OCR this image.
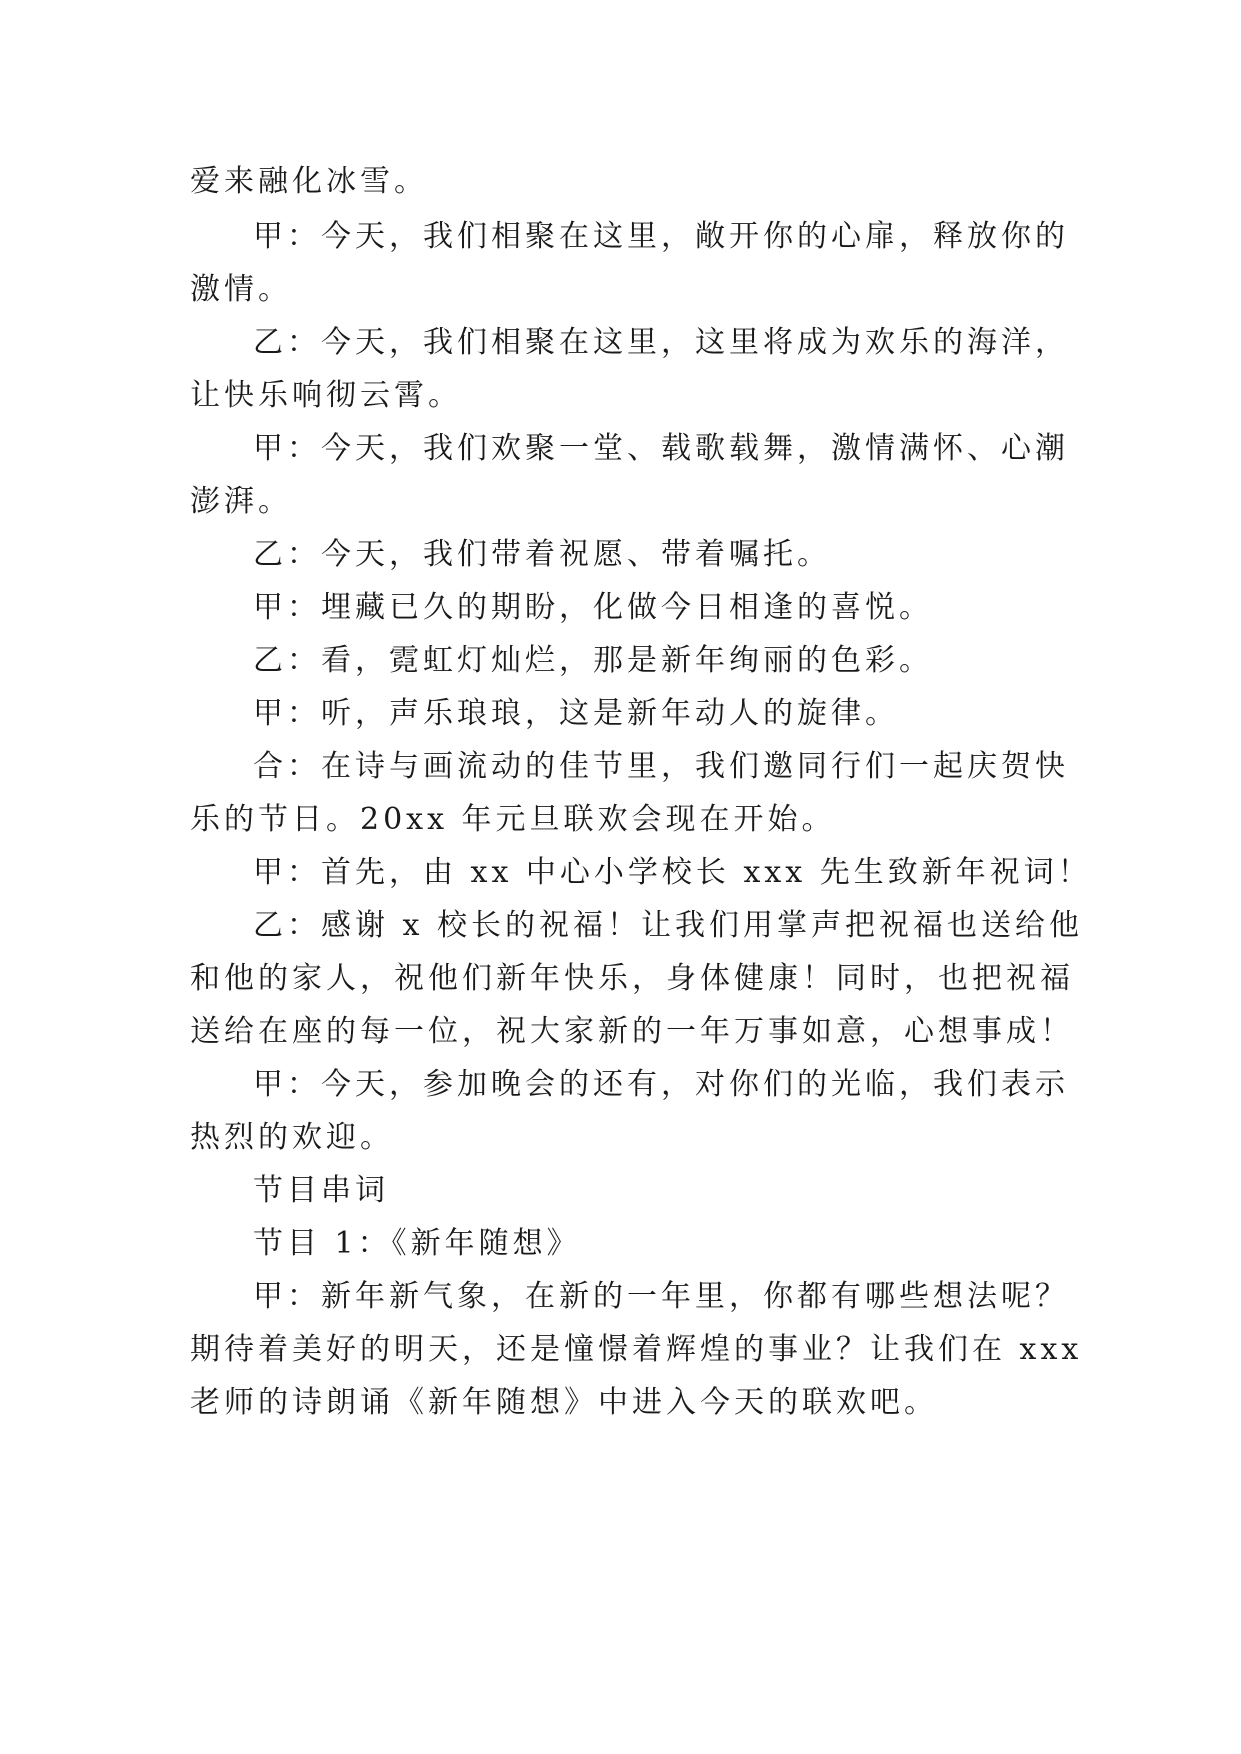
爱来融化冰雪。
甲：今天，我们相聚在这里，敞开你的心扉，释放你的
激情。
乙：今天，我们相聚在这里，这里将成为欢乐的海洋，
让快乐响彻云霄。
甲：今天，我们欢聚一堂、载歌载舞，激情满怀、心潮
澎湃。
乙：今天，我们带着祝愿、带着嘱托。
甲：埋藏已久的期盼，化做今日相逢的喜悦。
乙：看，霓虹灯灿烂，那是新年绚丽的色彩。
甲：听，声乐琅琅，这是新年动人的旋律。
合：在诗与画流动的佳节里，我们邀同行们一起庆贺快
乐的节日。20xx 年元旦联欢会现在开始。
甲：首先，由 xx 中心小学校长 xxx 先生致新年祝词！
乙：感谢 x 校长的祝福！让我们用掌声把祝福也送给他
和他的家人，祝他们新年快乐，身体健康！同时，也把祝福
送给在座的每一位，祝大家新的一年万事如意，心想事成！
甲：今天，参加晚会的还有，对你们的光临，我们表示
热烈的欢迎。
节目串词
节目 1：《新年随想》
甲：新年新气象，在新的一年里，你都有哪些想法呢？
期待着美好的明天，还是憧憬着辉煌的事业？让我们在 xxx
老师的诗朗诵《新年随想》中进入今天的联欢吧。
